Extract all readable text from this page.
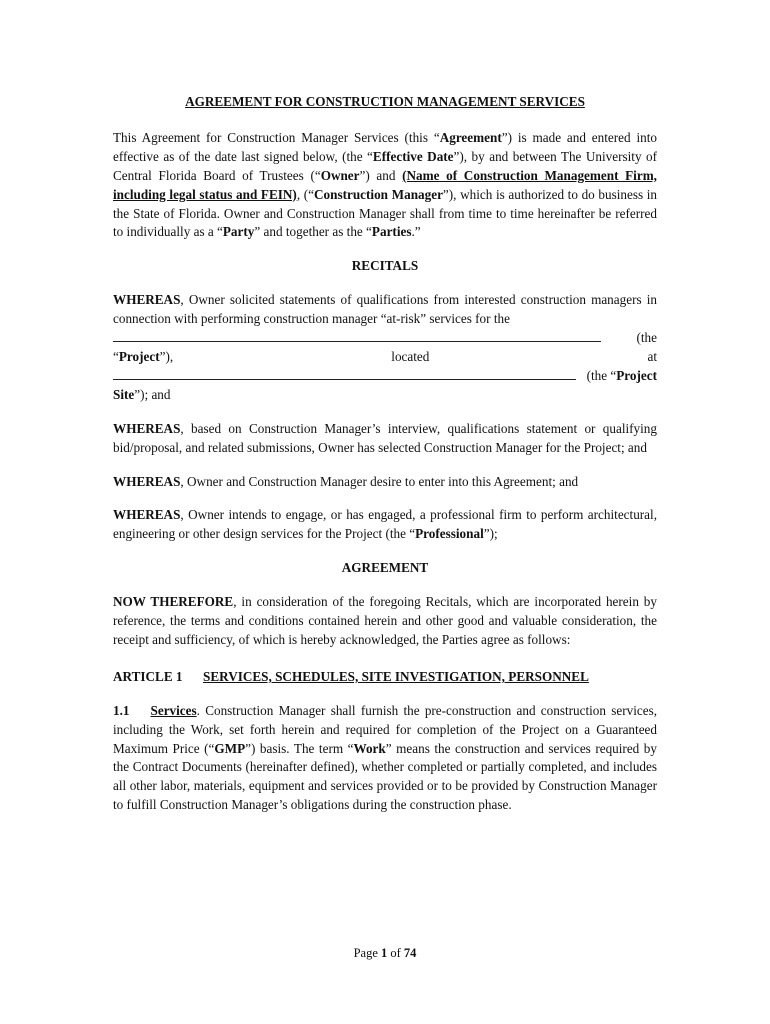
AGREEMENT FOR CONSTRUCTION MANAGEMENT SERVICES

This Agreement for Construction Manager Services (this “Agreement”) is made and entered into effective as of the date last signed below, (the “Effective Date”), by and between The University of Central Florida Board of Trustees (“Owner”) and (Name of Construction Management Firm, including legal status and FEIN), (“Construction Manager”), which is authorized to do business in the State of Florida. Owner and Construction Manager shall from time to time hereinafter be referred to individually as a “Party” and together as the “Parties.”

RECITALS

WHEREAS, Owner solicited statements of qualifications from interested construction managers in connection with performing construction manager “at-risk” services for the

(the
“Project”),	located	at
(the “Project

Site”); and

WHEREAS, based on Construction Manager’s interview, qualifications statement or qualifying bid/proposal, and related submissions, Owner has selected Construction Manager for the Project; and

WHEREAS, Owner and Construction Manager desire to enter into this Agreement; and

WHEREAS, Owner intends to engage, or has engaged, a professional firm to perform architectural, engineering or other design services for the Project (the “Professional”);

AGREEMENT

NOW THEREFORE, in consideration of the foregoing Recitals, which are incorporated herein by reference, the terms and conditions contained herein and other good and valuable consideration, the receipt and sufficiency, of which is hereby acknowledged, the Parties agree as follows:

ARTICLE 1	SERVICES, SCHEDULES, SITE INVESTIGATION, PERSONNEL

1.1 Services. Construction Manager shall furnish the pre-construction and construction services, including the Work, set forth herein and required for completion of the Project on a Guaranteed Maximum Price (“GMP”) basis. The term “Work” means the construction and services required by the Contract Documents (hereinafter defined), whether completed or partially completed, and includes all other labor, materials, equipment and services provided or to be provided by Construction Manager to fulfill Construction Manager’s obligations during the construction phase.

Page 1 of 74
